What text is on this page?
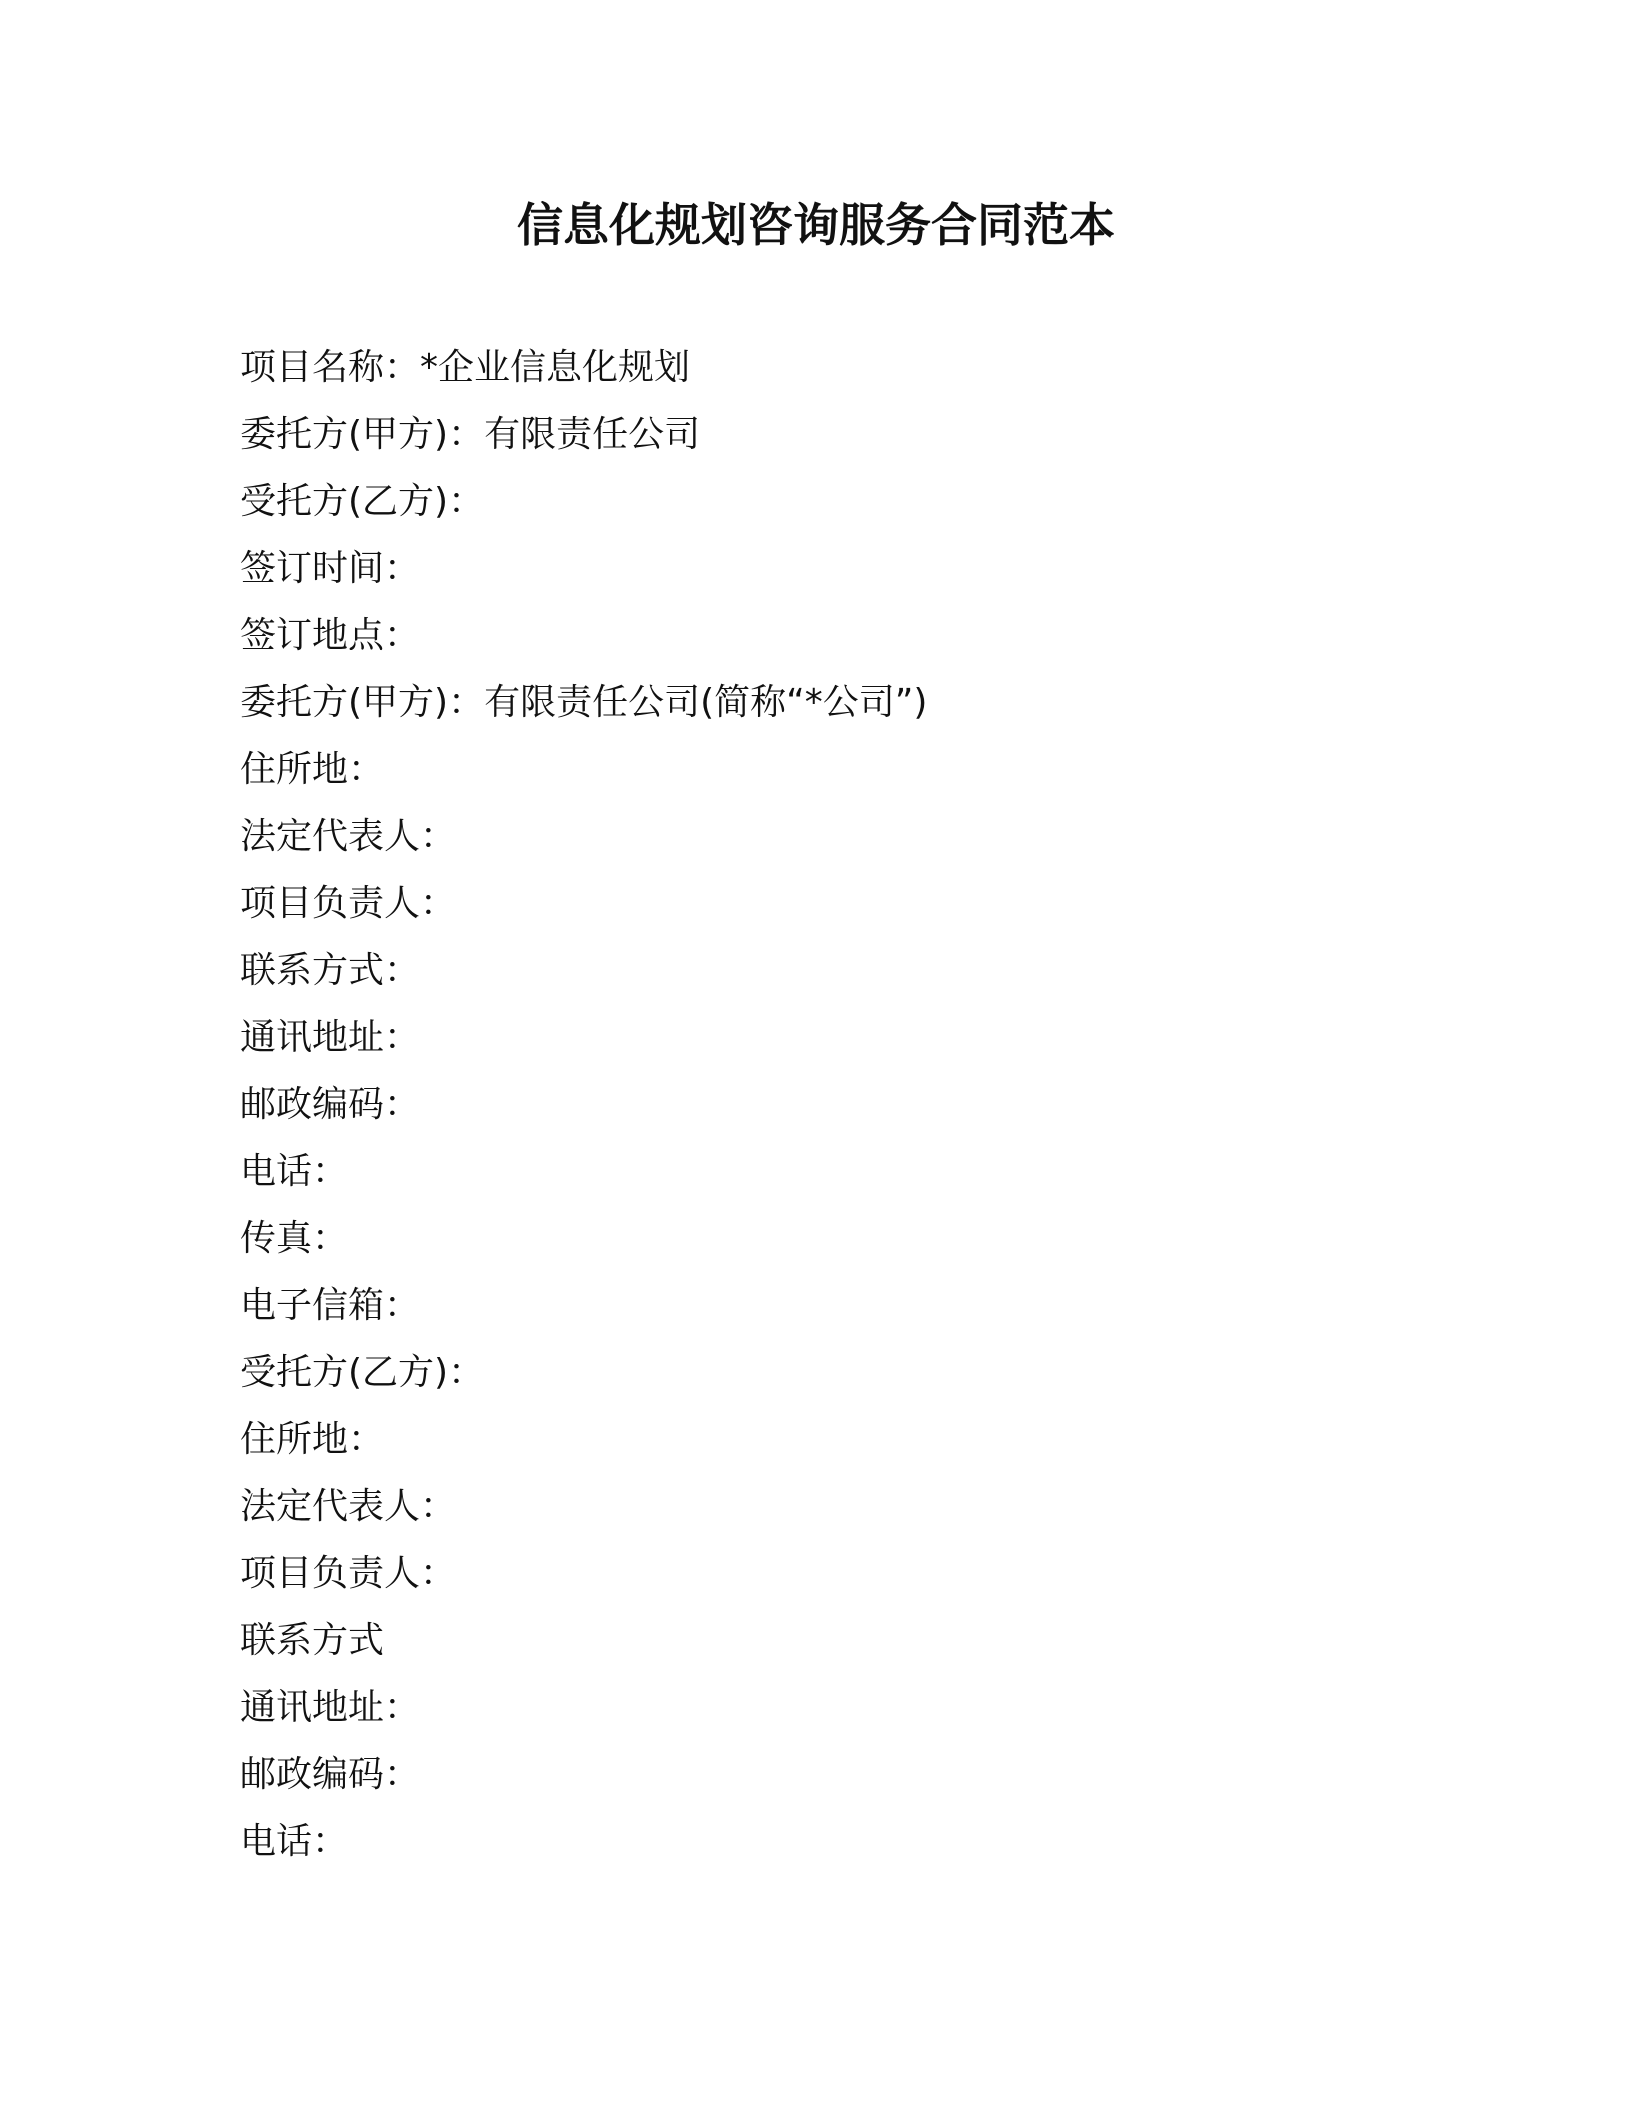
信息化规划咨询服务合同范本
项目名称：*企业信息化规划
委托方(甲方)：有限责任公司
受托方(乙方)：
签订时间：
签订地点：
委托方(甲方)：有限责任公司(简称“*公司”)
住所地：
法定代表人：
项目负责人：
联系方式：
通讯地址：
邮政编码：
电话：
传真：
电子信箱：
受托方(乙方)：
住所地：
法定代表人：
项目负责人：
联系方式
通讯地址：
邮政编码：
电话：
